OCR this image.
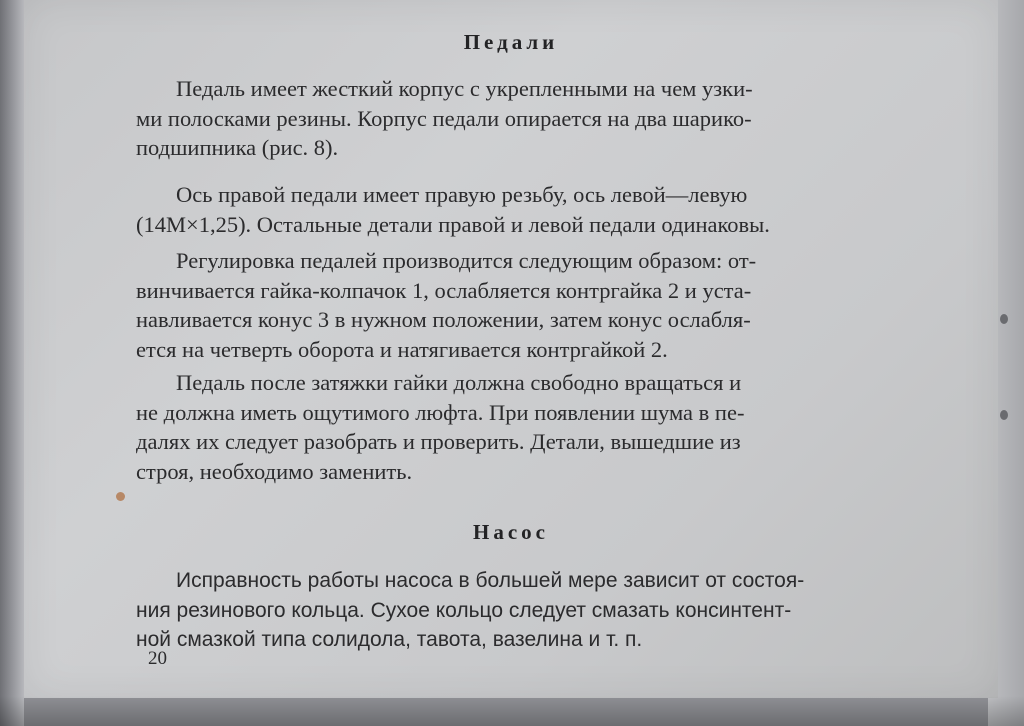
Педали
Педаль имеет жесткий корпус с укрепленными на чем узки-
ми полосками резины. Корпус педали опирается на два шарико-
подшипника (рис. 8).
Ось правой педали имеет правую резьбу, ось левой—левую
(14М×1,25). Остальные детали правой и левой педали одинаковы.
Регулировка педалей производится следующим образом: от-
винчивается гайка-колпачок 1, ослабляется контргайка 2 и уста-
навливается конус 3 в нужном положении, затем конус ослабля-
ется на четверть оборота и натягивается контргайкой 2.
Педаль после затяжки гайки должна свободно вращаться и
не должна иметь ощутимого люфта. При появлении шума в пе-
далях их следует разобрать и проверить. Детали, вышедшие из
строя, необходимо заменить.
Насос
Исправность работы насоса в большей мере зависит от состоя-
ния резинового кольца. Сухое кольцо следует смазать консинтент-
ной смазкой типа солидола, тавота, вазелина и т. п.
20
